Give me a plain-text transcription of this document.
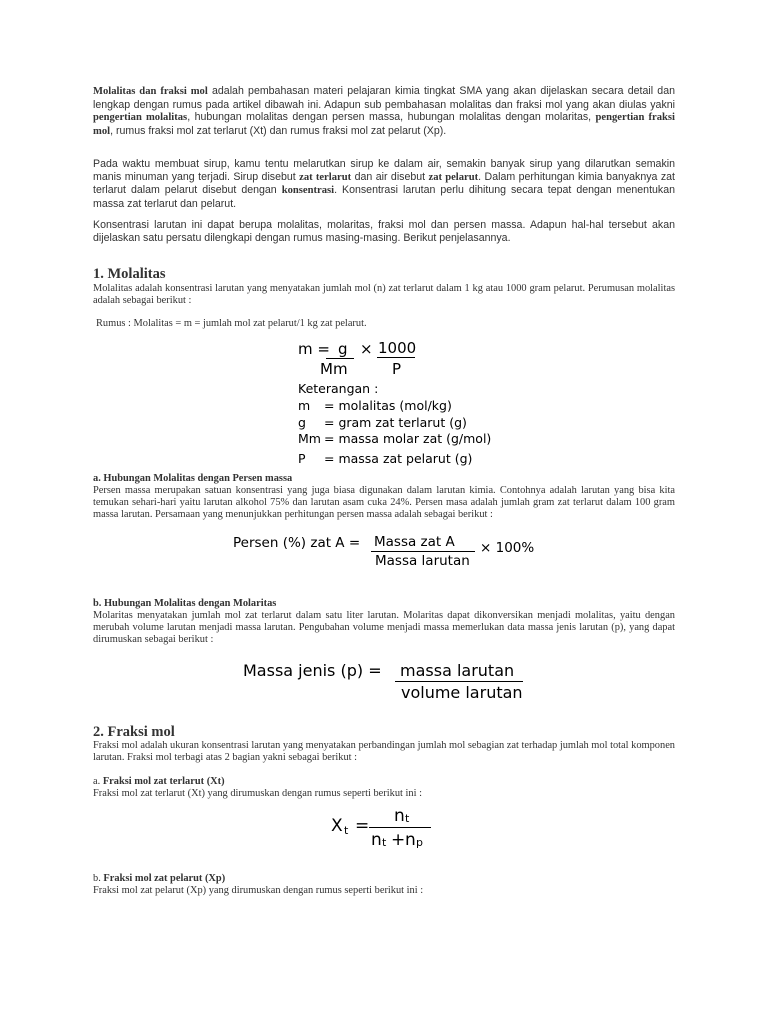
Molalitas dan fraksi mol adalah pembahasan materi pelajaran kimia tingkat SMA yang akan dijelaskan secara detail dan lengkap dengan rumus pada artikel dibawah ini. Adapun sub pembahasan molalitas dan fraksi mol yang akan diulas yakni pengertian molalitas, hubungan molalitas dengan persen massa, hubungan molalitas dengan molaritas, pengertian fraksi mol, rumus fraksi mol zat terlarut (Xt) dan rumus fraksi mol zat pelarut (Xp).

Pada waktu membuat sirup, kamu tentu melarutkan sirup ke dalam air, semakin banyak sirup yang dilarutkan semakin manis minuman yang terjadi. Sirup disebut zat terlarut dan air disebut zat pelarut. Dalam perhitungan kimia banyaknya zat terlarut dalam pelarut disebut dengan konsentrasi. Konsentrasi larutan perlu dihitung secara tepat dengan menentukan massa zat terlarut dan pelarut.

Konsentrasi larutan ini dapat berupa molalitas, molaritas, fraksi mol dan persen massa. Adapun hal-hal tersebut akan dijelaskan satu persatu dilengkapi dengan rumus masing-masing. Berikut penjelasannya.

1. Molalitas

Molalitas adalah konsentrasi larutan yang menyatakan jumlah mol (n) zat terlarut dalam 1 kg atau 1000 gram pelarut. Perumusan molalitas adalah sebagai berikut :

Rumus : Molalitas = m = jumlah mol zat pelarut/1 kg zat pelarut.

m = g × 1000
Mm	P
Keterangan :
m = molalitas (mol/kg)
g = gram zat terlarut (g)
Mm = massa molar zat (g/mol)
P = massa zat pelarut (g)
a. Hubungan Molalitas dengan Persen massa

Persen massa merupakan satuan konsentrasi yang juga biasa digunakan dalam larutan kimia. Contohnya adalah larutan yang bisa kita temukan sehari-hari yaitu larutan alkohol 75% dan larutan asam cuka 24%. Persen masa adalah jumlah gram zat terlarut dalam 100 gram massa larutan. Persamaan yang menunjukkan perhitungan persen massa adalah sebagai berikut :

Persen (%) zat A = Massa zat A
Massa larutan
× 100%
b. Hubungan Molalitas dengan Molaritas

Molaritas menyatakan jumlah mol zat terlarut dalam satu liter larutan. Molaritas dapat dikonversikan menjadi molalitas, yaitu dengan merubah volume larutan menjadi massa larutan. Pengubahan volume menjadi massa memerlukan data massa jenis larutan (p), yang dapat dirumuskan sebagai berikut :

Massa jenis (p) = massa larutan
volume larutan
2. Fraksi mol

Fraksi mol adalah ukuran konsentrasi larutan yang menyatakan perbandingan jumlah mol sebagian zat terhadap jumlah mol total komponen larutan. Fraksi mol terbagi atas 2 bagian yakni sebagai berikut :

a. Fraksi mol zat terlarut (Xt)

Fraksi mol zat terlarut (Xt) yang dirumuskan dengan rumus seperti berikut ini :

X t = n t
n t + n p
b. Fraksi mol zat pelarut (Xp)

Fraksi mol zat pelarut (Xp) yang dirumuskan dengan rumus seperti berikut ini :
